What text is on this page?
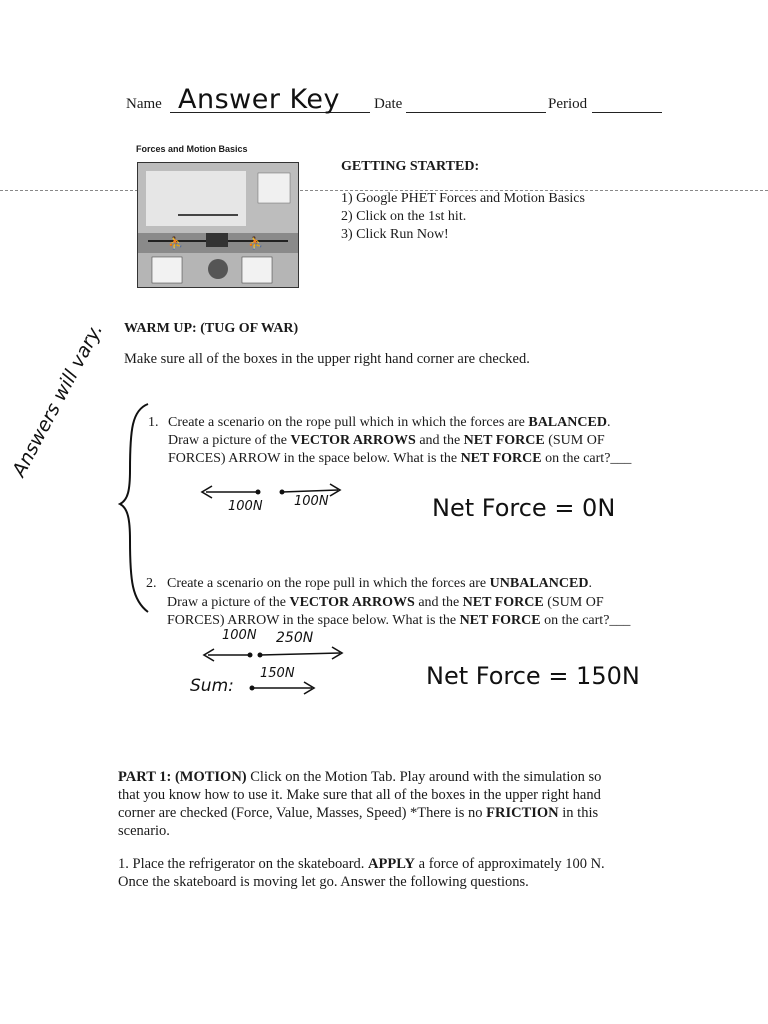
Name Answer Key Date	Period
Forces and Motion Basics
⛹	⛹
GETTING STARTED:
1) Google PHET Forces and Motion Basics
2) Click on the 1st hit.
3) Click Run Now!
WARM UP: (TUG OF WAR)
Make sure all of the boxes in the upper right hand corner are checked.
Answers will vary.	1. Create a scenario on the rope pull which in which the forces are BALANCED.
Draw a picture of the VECTOR ARROWS and the NET FORCE (SUM OF
FORCES) ARROW in the space below. What is the NET FORCE on the cart?___
100N 100N	Net Force = 0N
2. Create a scenario on the rope pull in which the forces are UNBALANCED.
Draw a picture of the VECTOR ARROWS and the NET FORCE (SUM OF
FORCES) ARROW in the space below. What is the NET FORCE on the cart?___
100N 250N
Sum:
150N	Net Force = 150N
PART 1: (MOTION) Click on the Motion Tab. Play around with the simulation so
that you know how to use it. Make sure that all of the boxes in the upper right hand
corner are checked (Force, Value, Masses, Speed) *There is no FRICTION in this
scenario.
1. Place the refrigerator on the skateboard. APPLY a force of approximately 100 N.
Once the skateboard is moving let go. Answer the following questions.
